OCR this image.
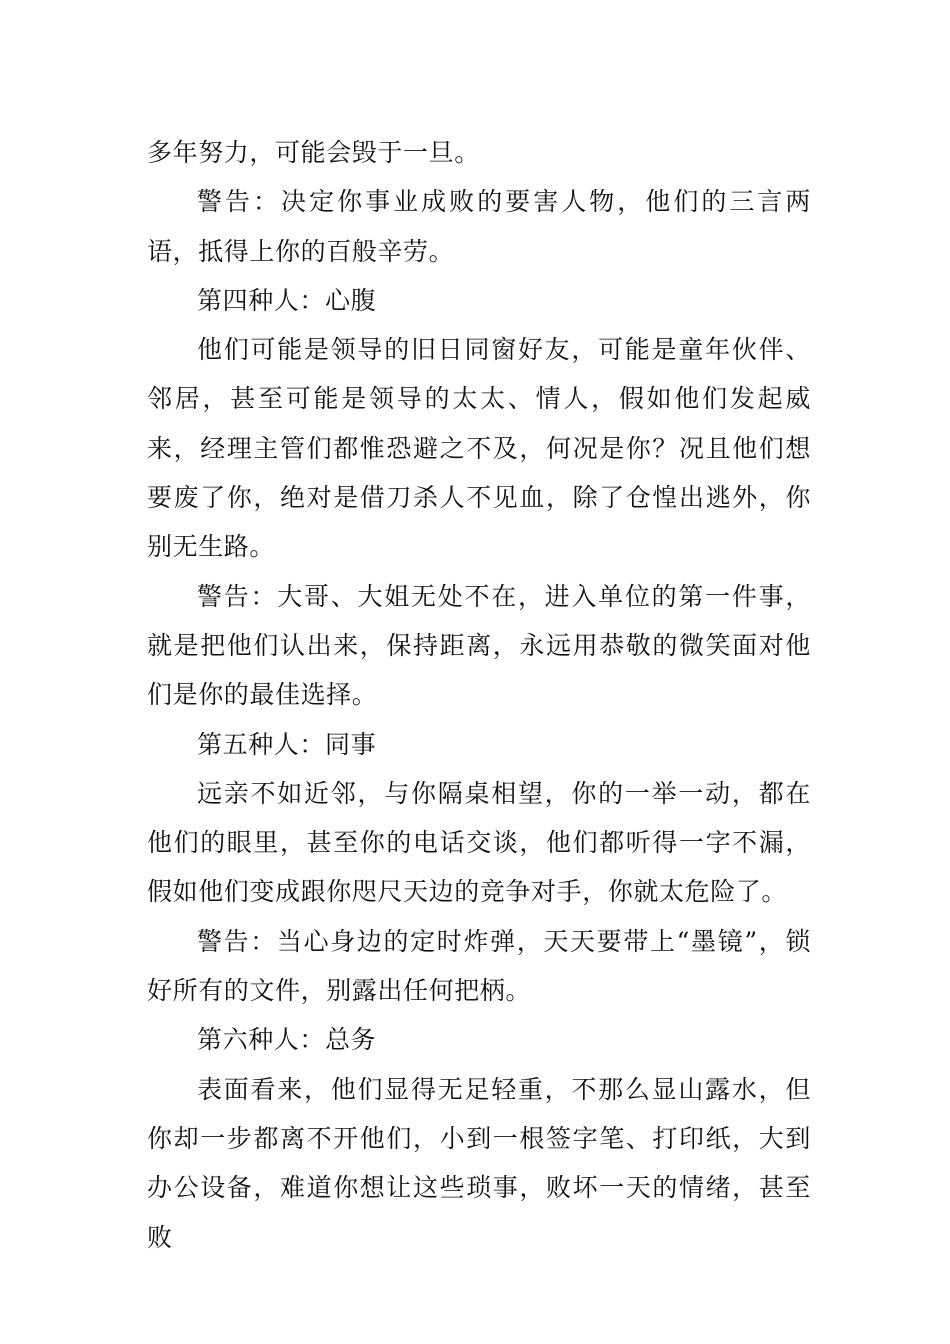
多年努力，可能会毁于一旦。

警告：决定你事业成败的要害人物，他们的三言两语，抵得上你的百般辛劳。

第四种人：心腹

他们可能是领导的旧日同窗好友，可能是童年伙伴、邻居，甚至可能是领导的太太、情人，假如他们发起威来，经理主管们都惟恐避之不及，何况是你？况且他们想要废了你，绝对是借刀杀人不见血，除了仓惶出逃外，你别无生路。

警告：大哥、大姐无处不在，进入单位的第一件事，就是把他们认出来，保持距离，永远用恭敬的微笑面对他们是你的最佳选择。

第五种人：同事

远亲不如近邻，与你隔桌相望，你的一举一动，都在他们的眼里，甚至你的电话交谈，他们都听得一字不漏，假如他们变成跟你咫尺天边的竞争对手，你就太危险了。

警告：当心身边的定时炸弹，天天要带上“墨镜”，锁好所有的文件，别露出任何把柄。

第六种人：总务

表面看来，他们显得无足轻重，不那么显山露水，但你却一步都离不开他们，小到一根签字笔、打印纸，大到办公设备，难道你想让这些琐事，败坏一天的情绪，甚至败
